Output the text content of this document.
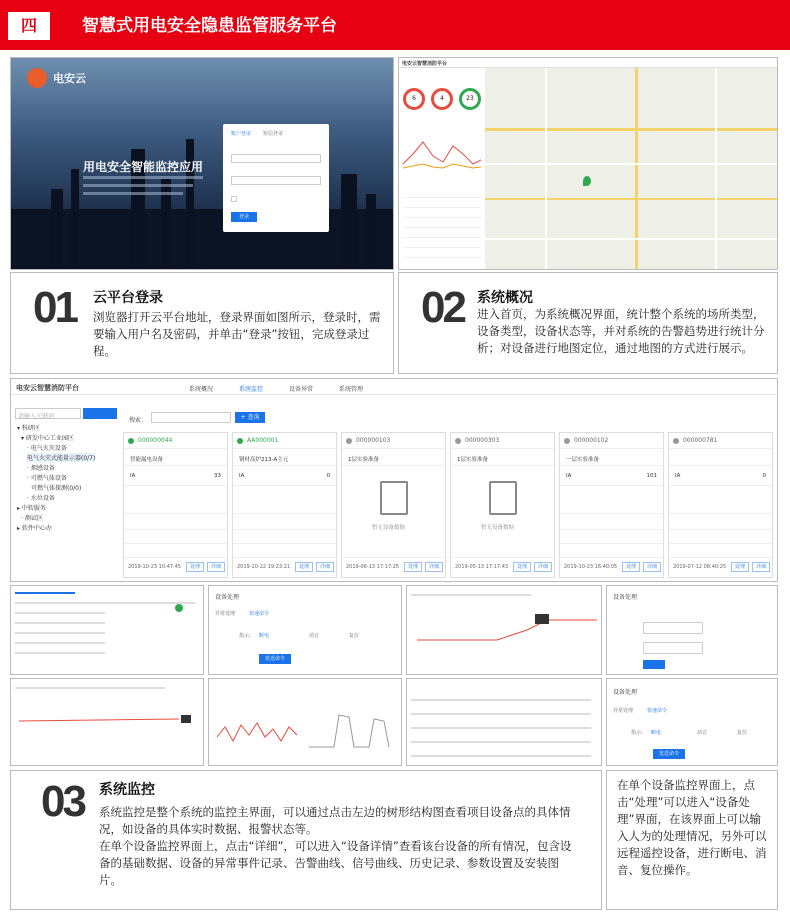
四	智慧式用电安全隐患监管服务平台
电安云
用电安全智能监控应用
账户登录 短信登录
登录
电安云智慧消防平台
6	4	23
01 云平台登录
浏览器打开云平台地址，登录界面如图所示，登录时，需要输入用户名及密码，并单击“登录”按钮，完成登录过程。
02 系统概况
进入首页，为系统概况界面，统计整个系统的场所类型，设备类型，设备状态等，并对系统的告警趋势进行统计分析；对设备进行地图定位，通过地图的方式进行展示。
电安云智慧消防平台	系统概况	系统监控	设备异常	系统管理
请输入关键词
▾ 科研区
▾ 研发中心工业园区
· 电气火灾设备
电气火灾式能量示器(0/7)
· 烟感设备
· 可燃气体设备
可燃气体探测(0/0)
· 水位设备
▸ 中转服务
· 测试区
▸ 软件中心办
搜索：	+ 查询
000000044
智能漏电设备
IA	33
2019-10-23 10:47:45	处理	详细
AA000001
钢材高炉213-A主元
IA	0
2019-10-22 19:23:21	处理	详细
000000103
1层实验准备
暂无设备数据
2019-06-13 17:17:25	处理	详细
000000303
1层实验准备
暂无设备数据
2019-05-13 17:17:43	处理	详细
000000102
一层实验准备
IA	101
2019-10-23 16:40:05	处理	详细
000000781
IA	0
2019-07-12 08:40:25	处理	详细
设备处理
异常处理	快速命令
指示: 断电	消音	复位
发送命令
设备处理
设备处理
异常处理	快速命令
指示: 断电	消音	复位
发送命令
03 系统监控
系统监控是整个系统的监控主界面，可以通过点击左边的树形结构图查看项目设备点的具体情况，如设备的具体实时数据、报警状态等。
在单个设备监控界面上，点击“详细”，可以进入“设备详情”查看该台设备的所有情况，包含设备的基础数据、设备的异常事件记录、告警曲线、信号曲线、历史记录、参数设置及安装图片。
在单个设备监控界面上，点击“处理”可以进入“设备处理”界面，在该界面上可以输入人为的处理情况，另外可以远程遥控设备，进行断电、消音、复位操作。
